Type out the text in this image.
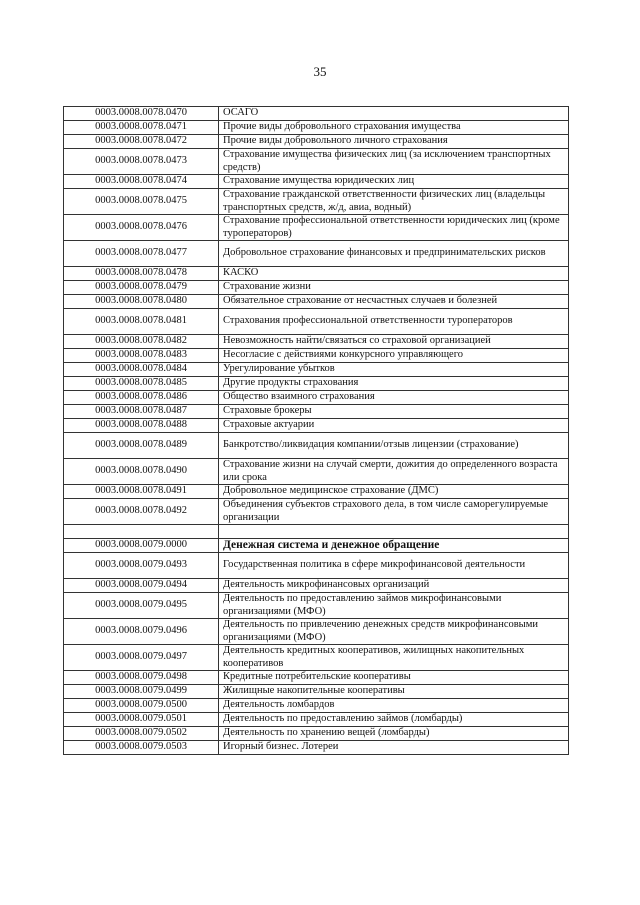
35
0003.0008.0078.0470	ОСАГО
0003.0008.0078.0471	Прочие виды добровольного страхования имущества
0003.0008.0078.0472	Прочие виды добровольного личного страхования
0003.0008.0078.0473	Страхование имущества физических лиц (за исключением транспортных средств)
0003.0008.0078.0474	Страхование имущества юридических лиц
0003.0008.0078.0475	Страхование гражданской ответственности физических лиц (владельцы транспортных средств, ж/д, авиа, водный)
0003.0008.0078.0476	Страхование профессиональной ответственности юридических лиц (кроме туроператоров)
0003.0008.0078.0477	Добровольное страхование финансовых и предпринимательских рисков
0003.0008.0078.0478	КАСКО
0003.0008.0078.0479	Страхование жизни
0003.0008.0078.0480	Обязательное страхование от несчастных случаев и болезней
0003.0008.0078.0481	Страхования профессиональной ответственности туроператоров
0003.0008.0078.0482	Невозможность найти/связаться со страховой организацией
0003.0008.0078.0483	Несогласие с действиями конкурсного управляющего
0003.0008.0078.0484	Урегулирование убытков
0003.0008.0078.0485	Другие продукты страхования
0003.0008.0078.0486	Общество взаимного страхования
0003.0008.0078.0487	Страховые брокеры
0003.0008.0078.0488	Страховые актуарии
0003.0008.0078.0489	Банкротство/ликвидация компании/отзыв лицензии (страхование)
0003.0008.0078.0490	Страхование жизни на случай смерти, дожития до определенного возраста или срока
0003.0008.0078.0491	Добровольное медицинское страхование (ДМС)
0003.0008.0078.0492	Объединения субъектов страхового дела, в том числе саморегулируемые организации

0003.0008.0079.0000	Денежная система и денежное обращение
0003.0008.0079.0493	Государственная политика в сфере микрофинансовой деятельности
0003.0008.0079.0494	Деятельность микрофинансовых организаций
0003.0008.0079.0495	Деятельность по предоставлению займов микрофинансовыми организациями (МФО)
0003.0008.0079.0496	Деятельность по привлечению денежных средств микрофинансовыми организациями (МФО)
0003.0008.0079.0497	Деятельность кредитных кооперативов, жилищных накопительных кооперативов
0003.0008.0079.0498	Кредитные потребительские кооперативы
0003.0008.0079.0499	Жилищные накопительные кооперативы
0003.0008.0079.0500	Деятельность ломбардов
0003.0008.0079.0501	Деятельность по предоставлению займов (ломбарды)
0003.0008.0079.0502	Деятельность по хранению вещей (ломбарды)
0003.0008.0079.0503	Игорный бизнес. Лотереи
